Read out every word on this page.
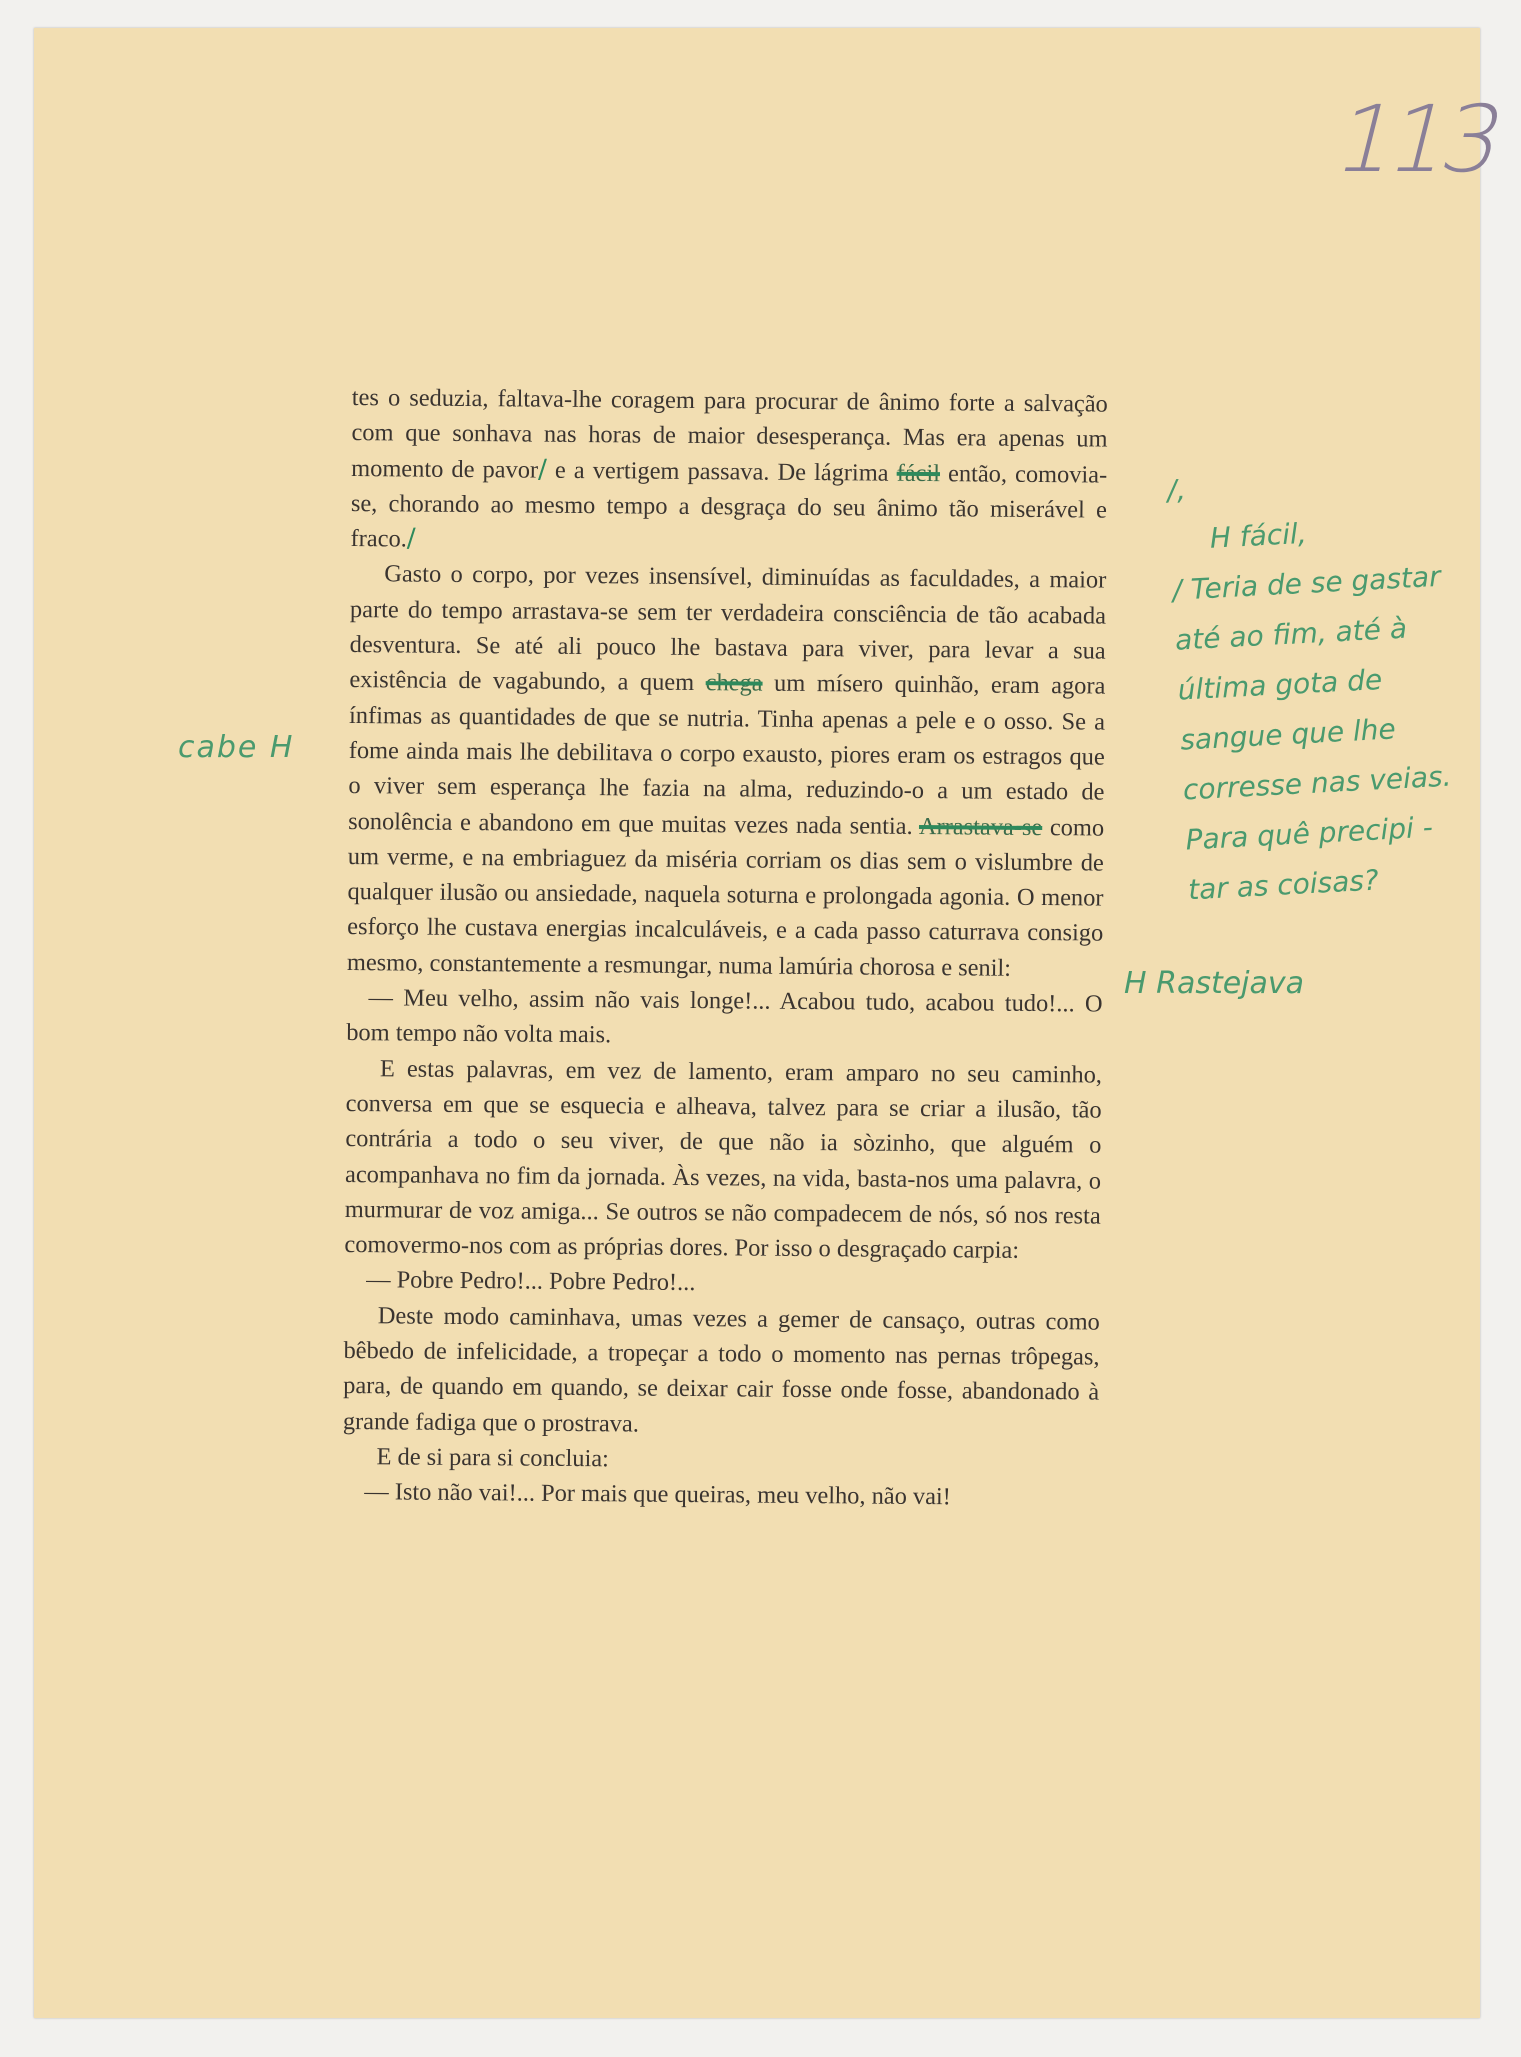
113

tes o seduzia, faltava-lhe coragem para procurar de ânimo forte a salvação com que sonhava nas horas de maior desesperança. Mas era apenas um momento de pavor/ e a vertigem passava. De lágrima fácil então, comovia-se, chorando ao mesmo tempo a desgraça do seu ânimo tão miserável e fraco./

Gasto o corpo, por vezes insensível, diminuídas as faculdades, a maior parte do tempo arrastava-se sem ter verdadeira consciência de tão acabada desventura. Se até ali pouco lhe bastava para viver, para levar a sua existência de vagabundo, a quem chega um mísero quinhão, eram agora ínfimas as quantidades de que se nutria. Tinha apenas a pele e o osso. Se a fome ainda mais lhe debilitava o corpo exausto, piores eram os estragos que o viver sem esperança lhe fazia na alma, reduzindo-o a um estado de sonolência e abandono em que muitas vezes nada sentia. Arrastava-se como um verme, e na embriaguez da miséria corriam os dias sem o vislumbre de qualquer ilusão ou ansiedade, naquela soturna e prolongada agonia. O menor esforço lhe custava energias incalculáveis, e a cada passo caturrava consigo mesmo, constantemente a resmungar, numa lamúria chorosa e senil:

— Meu velho, assim não vais longe!... Acabou tudo, acabou tudo!... O bom tempo não volta mais.

E estas palavras, em vez de lamento, eram amparo no seu caminho, conversa em que se esquecia e alheava, talvez para se criar a ilusão, tão contrária a todo o seu viver, de que não ia sòzinho, que alguém o acompanhava no fim da jornada. Às vezes, na vida, basta-nos uma palavra, o murmurar de voz amiga... Se outros se não compadecem de nós, só nos resta comovermo-nos com as próprias dores. Por isso o desgraçado carpia:

— Pobre Pedro!... Pobre Pedro!...

Deste modo caminhava, umas vezes a gemer de cansaço, outras como bêbedo de infelicidade, a tropeçar a todo o momento nas pernas trôpegas, para, de quando em quando, se deixar cair fosse onde fosse, abandonado à grande fadiga que o prostrava.

E de si para si concluia:

— Isto não vai!... Por mais que queiras, meu velho, não vai!

cabe H
/,
H fácil,
/ Teria de se gastar
até ao fim, até à
última gota de
sangue que lhe
corresse nas veias.
Para quê precipi -
tar as coisas?
H Rastejava
